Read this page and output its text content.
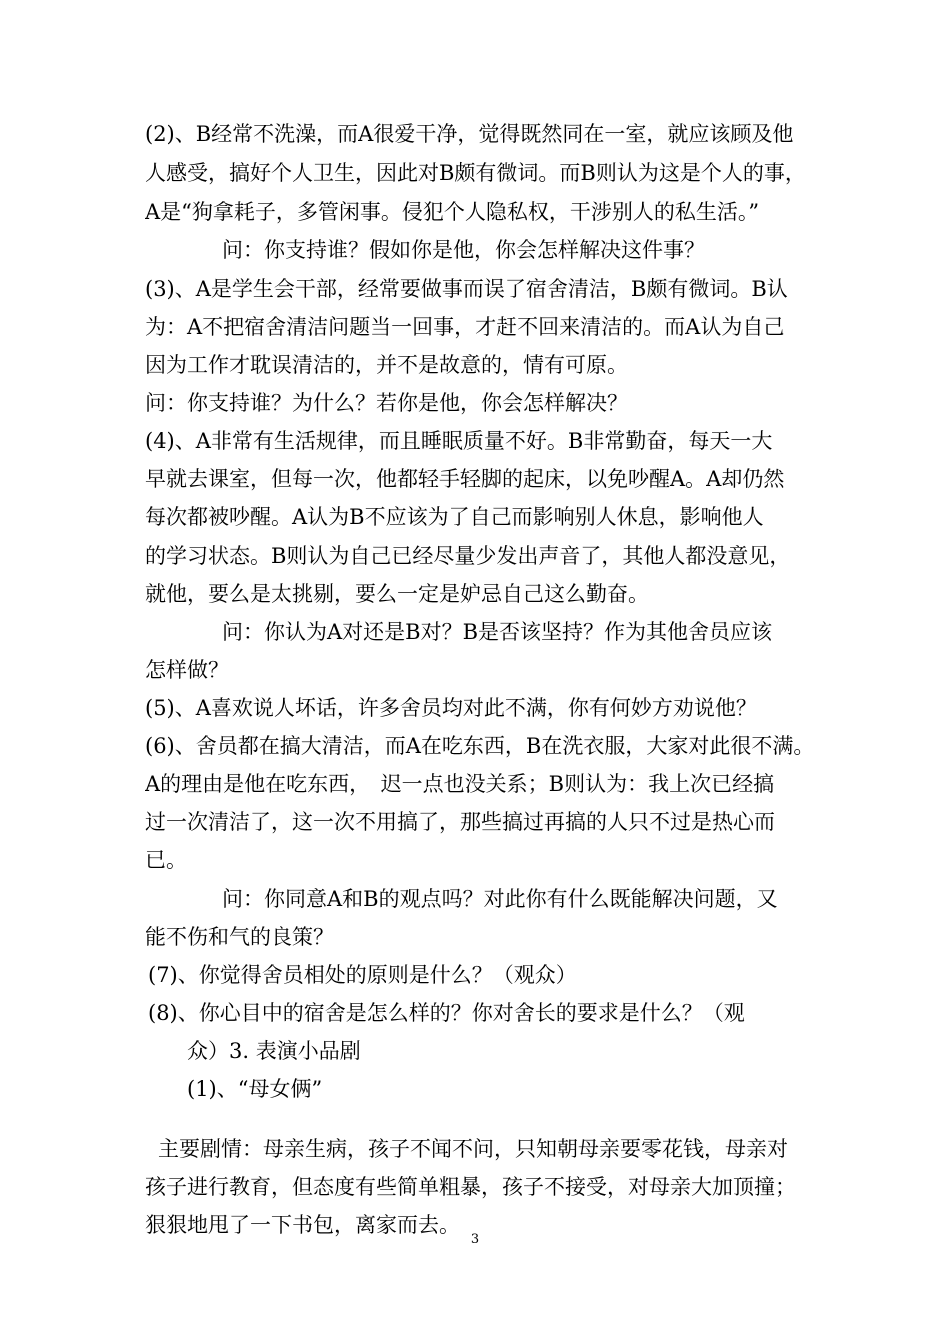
(2)、B经常不洗澡，而A很爱干净，觉得既然同在一室，就应该顾及他
人感受，搞好个人卫生，因此对B颇有微词。而B则认为这是个人的事，
A是“狗拿耗子，多管闲事。侵犯个人隐私权，干涉别人的私生活。”
问：你支持谁？假如你是他，你会怎样解决这件事？
(3)、A是学生会干部，经常要做事而误了宿舍清洁，B颇有微词。B认
为：A不把宿舍清洁问题当一回事，才赶不回来清洁的。而A认为自己
因为工作才耽误清洁的，并不是故意的，情有可原。
问：你支持谁？为什么？若你是他，你会怎样解决？
(4)、A非常有生活规律，而且睡眠质量不好。B非常勤奋，每天一大
早就去课室，但每一次，他都轻手轻脚的起床，以免吵醒A。A却仍然
每次都被吵醒。A认为B不应该为了自己而影响别人休息，影响他人
的学习状态。B则认为自己已经尽量少发出声音了，其他人都没意见，
就他，要么是太挑剔，要么一定是妒忌自己这么勤奋。
问：你认为A对还是B对？B是否该坚持？作为其他舍员应该
怎样做？
(5)、A喜欢说人坏话，许多舍员均对此不满，你有何妙方劝说他？
(6)、舍员都在搞大清洁，而A在吃东西，B在洗衣服，大家对此很不满。
A的理由是他在吃东西，　迟一点也没关系；B则认为：我上次已经搞
过一次清洁了，这一次不用搞了，那些搞过再搞的人只不过是热心而
已。
问：你同意A和B的观点吗？对此你有什么既能解决问题，又
能不伤和气的良策？
(7)、你觉得舍员相处的原则是什么？（观众）
(8)、你心目中的宿舍是怎么样的？你对舍长的要求是什么？（观
众）3. 表演小品剧
(1)、“母女俩”
主要剧情：母亲生病，孩子不闻不问，只知朝母亲要零花钱，母亲对
孩子进行教育，但态度有些简单粗暴，孩子不接受，对母亲大加顶撞；
狠狠地甩了一下书包，离家而去。
3
